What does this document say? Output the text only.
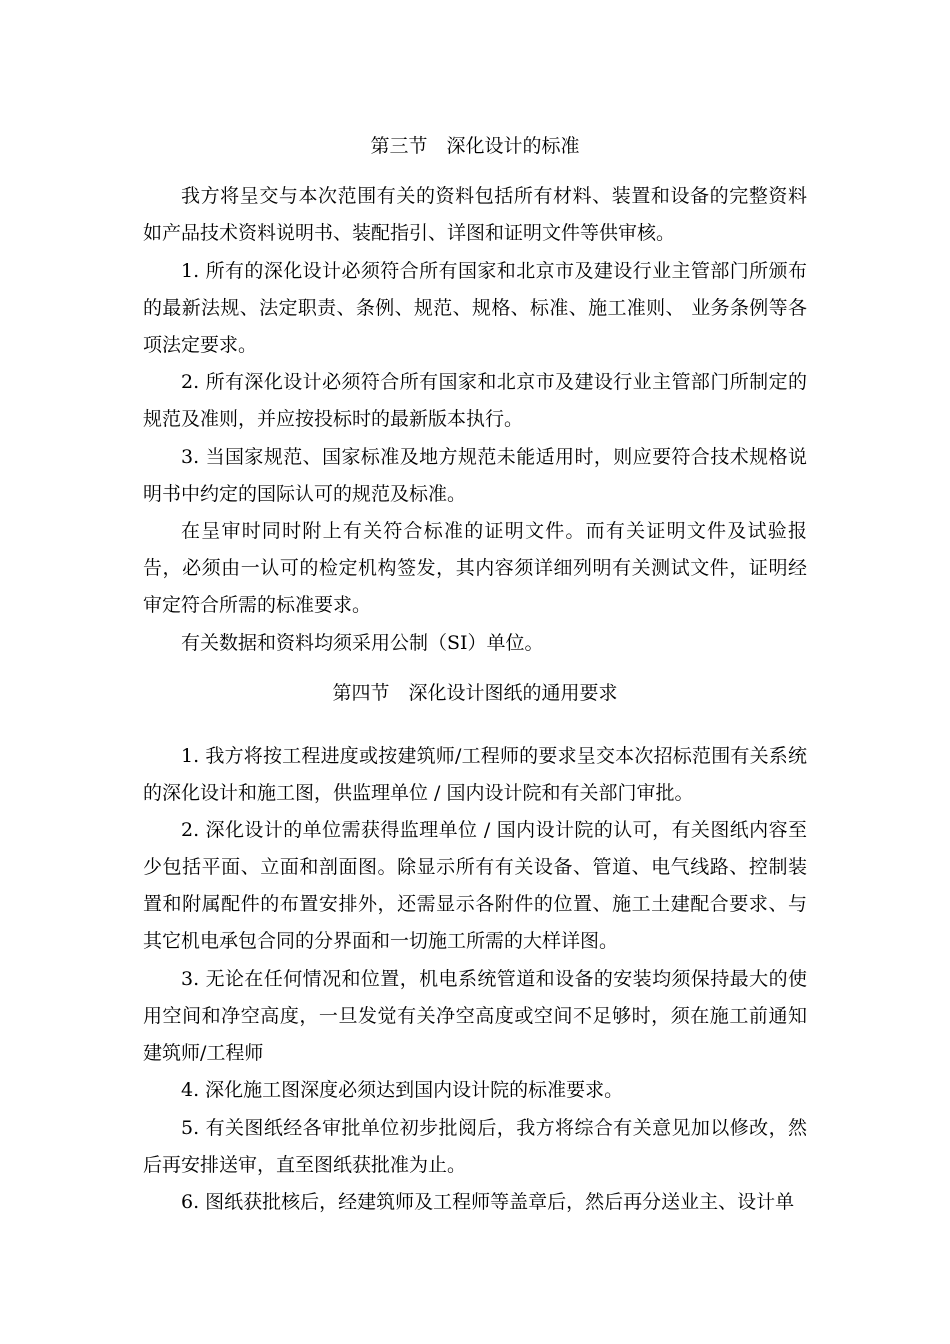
第三节　深化设计的标准

我方将呈交与本次范围有关的资料包括所有材料、装置和设备的完整资料如产品技术资料说明书、装配指引、详图和证明文件等供审核。

1. 所有的深化设计必须符合所有国家和北京市及建设行业主管部门所颁布的最新法规、法定职责、条例、规范、规格、标准、施工准则、 业务条例等各项法定要求。

2. 所有深化设计必须符合所有国家和北京市及建设行业主管部门所制定的规范及准则，并应按投标时的最新版本执行。

3. 当国家规范、国家标准及地方规范未能适用时，则应要符合技术规格说明书中约定的国际认可的规范及标准。

在呈审时同时附上有关符合标准的证明文件。而有关证明文件及试验报告，必须由一认可的检定机构签发，其内容须详细列明有关测试文件，证明经审定符合所需的标准要求。

有关数据和资料均须采用公制（SI）单位。

第四节　深化设计图纸的通用要求

1. 我方将按工程进度或按建筑师/工程师的要求呈交本次招标范围有关系统的深化设计和施工图，供监理单位 / 国内设计院和有关部门审批。

2. 深化设计的单位需获得监理单位 / 国内设计院的认可，有关图纸内容至少包括平面、立面和剖面图。除显示所有有关设备、管道、电气线路、控制装置和附属配件的布置安排外，还需显示各附件的位置、施工土建配合要求、与其它机电承包合同的分界面和一切施工所需的大样详图。

3. 无论在任何情况和位置，机电系统管道和设备的安装均须保持最大的使用空间和净空高度，一旦发觉有关净空高度或空间不足够时，须在施工前通知建筑师/工程师

4. 深化施工图深度必须达到国内设计院的标准要求。

5. 有关图纸经各审批单位初步批阅后，我方将综合有关意见加以修改，然后再安排送审，直至图纸获批准为止。

6. 图纸获批核后，经建筑师及工程师等盖章后，然后再分送业主、设计单
